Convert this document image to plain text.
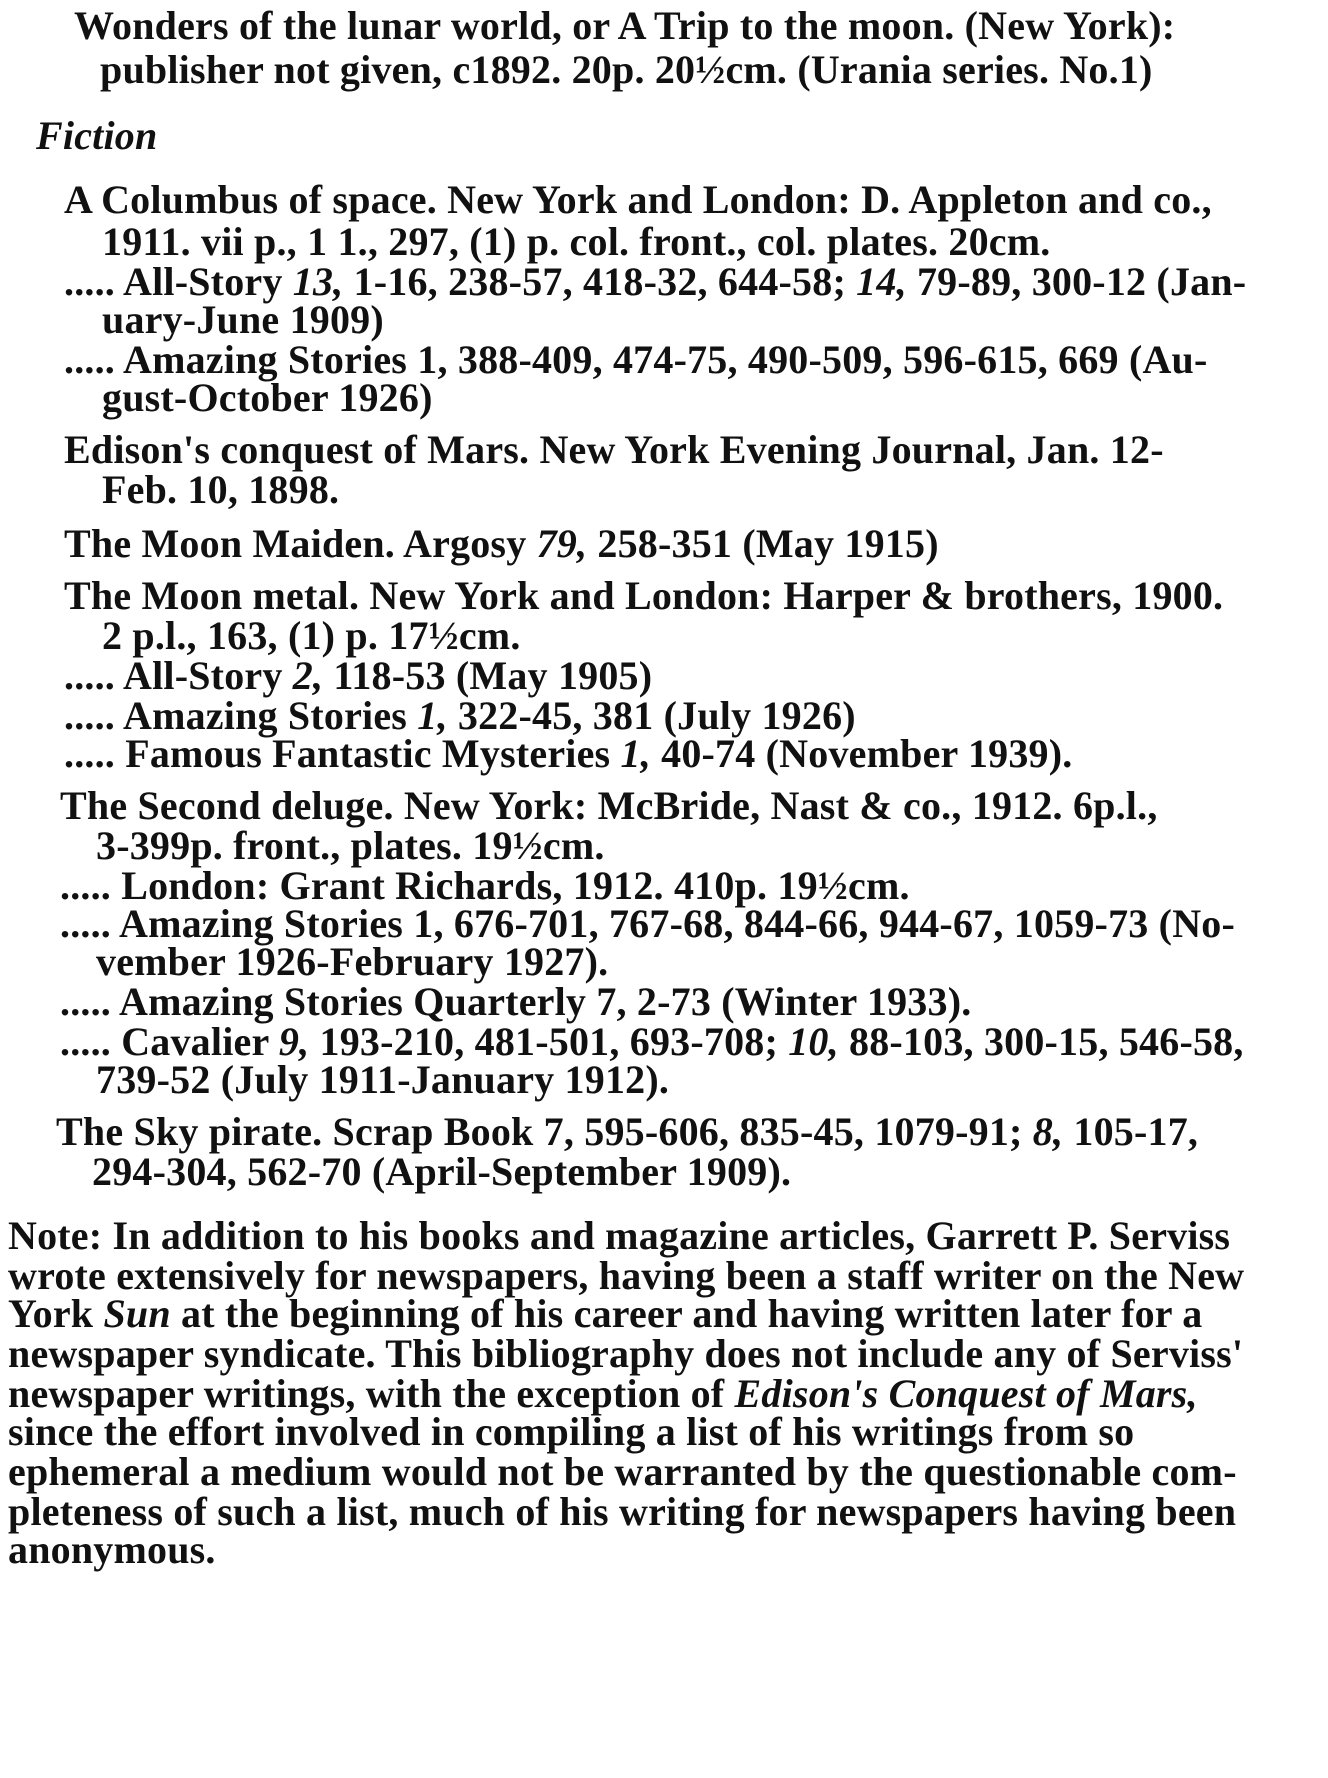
Wonders of the lunar world, or A Trip to the moon. (New York):
publisher not given, c1892. 20p. 20½cm. (Urania series. No.1)
Fiction
A Columbus of space. New York and London: D. Appleton and co.,
1911. vii p., 1 1., 297, (1) p. col. front., col. plates. 20cm.
..... All-Story 13, 1-16, 238-57, 418-32, 644-58; 14, 79-89, 300-12 (Jan-
uary-June 1909)
..... Amazing Stories 1, 388-409, 474-75, 490-509, 596-615, 669 (Au-
gust-October 1926)
Edison's conquest of Mars. New York Evening Journal, Jan. 12-
Feb. 10, 1898.
The Moon Maiden. Argosy 79, 258-351 (May 1915)
The Moon metal. New York and London: Harper & brothers, 1900.
2 p.l., 163, (1) p. 17½cm.
..... All-Story 2, 118-53 (May 1905)
..... Amazing Stories 1, 322-45, 381 (July 1926)
..... Famous Fantastic Mysteries 1, 40-74 (November 1939).
The Second deluge. New York: McBride, Nast & co., 1912. 6p.l.,
3-399p. front., plates. 19½cm.
..... London: Grant Richards, 1912. 410p. 19½cm.
..... Amazing Stories 1, 676-701, 767-68, 844-66, 944-67, 1059-73 (No-
vember 1926-February 1927).
..... Amazing Stories Quarterly 7, 2-73 (Winter 1933).
..... Cavalier 9, 193-210, 481-501, 693-708; 10, 88-103, 300-15, 546-58,
739-52 (July 1911-January 1912).
The Sky pirate. Scrap Book 7, 595-606, 835-45, 1079-91; 8, 105-17,
294-304, 562-70 (April-September 1909).
Note: In addition to his books and magazine articles, Garrett P. Serviss
wrote extensively for newspapers, having been a staff writer on the New
York Sun at the beginning of his career and having written later for a
newspaper syndicate. This bibliography does not include any of Serviss'
newspaper writings, with the exception of Edison's Conquest of Mars,
since the effort involved in compiling a list of his writings from so
ephemeral a medium would not be warranted by the questionable com-
pleteness of such a list, much of his writing for newspapers having been
anonymous.
